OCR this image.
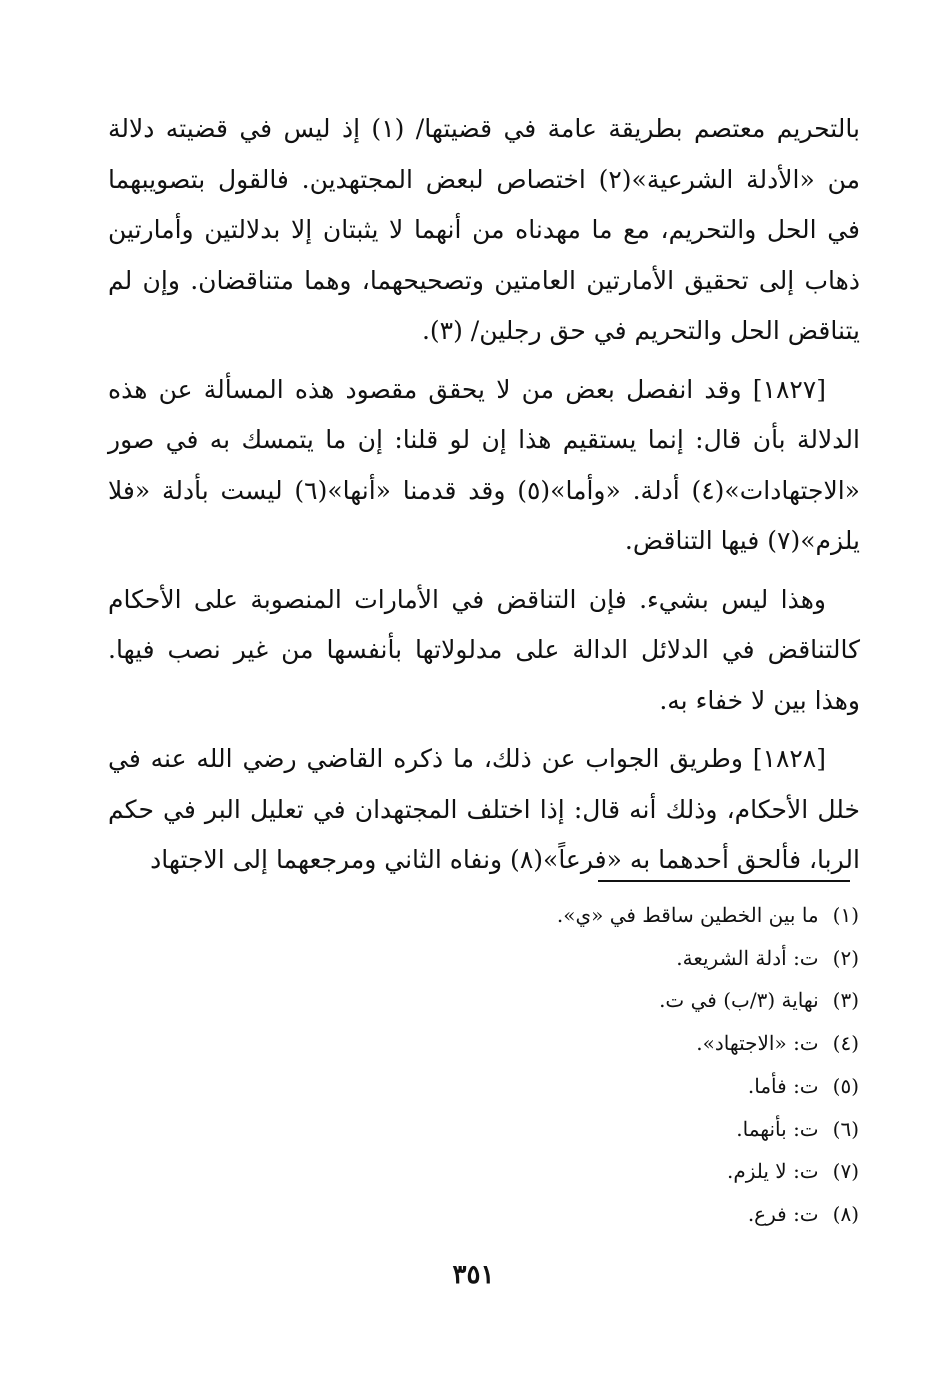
بالتحريم معتصم بطريقة عامة في قضيتها/ (١) إذ ليس في قضيته دلالة من «الأدلة الشرعية»(٢) اختصاص لبعض المجتهدين. فالقول بتصويبهما في الحل والتحريم، مع ما مهدناه من أنهما لا يثبتان إلا بدلالتين وأمارتين ذهاب إلى تحقيق الأمارتين العامتين وتصحيحهما، وهما متناقضان. وإن لم يتناقض الحل والتحريم في حق رجلين/ (٣).

[١٨٢٧] وقد انفصل بعض من لا يحقق مقصود هذه المسألة عن هذه الدلالة بأن قال: إنما يستقيم هذا إن لو قلنا: إن ما يتمسك به في صور «الاجتهادات»(٤) أدلة. «وأما»(٥) وقد قدمنا «أنها»(٦) ليست بأدلة «فلا يلزم»(٧) فيها التناقض.

وهذا ليس بشيء. فإن التناقض في الأمارات المنصوبة على الأحكام كالتناقض في الدلائل الدالة على مدلولاتها بأنفسها من غير نصب فيها. وهذا بين لا خفاء به.

[١٨٢٨] وطريق الجواب عن ذلك، ما ذكره القاضي رضي الله عنه في خلل الأحكام، وذلك أنه قال: إذا اختلف المجتهدان في تعليل البر في حكم الربا، فألحق أحدهما به «فرعاً»(٨) ونفاه الثاني ومرجعهما إلى الاجتهاد

(١) ما بين الخطين ساقط في «ي».

(٢) ت: أدلة الشريعة.

(٣) نهاية (٣/ب) في ت.

(٤) ت: «الاجتهاد».

(٥) ت: فأما.

(٦) ت: بأنهما.

(٧) ت: لا يلزم.

(٨) ت: فرع.

٣٥١
